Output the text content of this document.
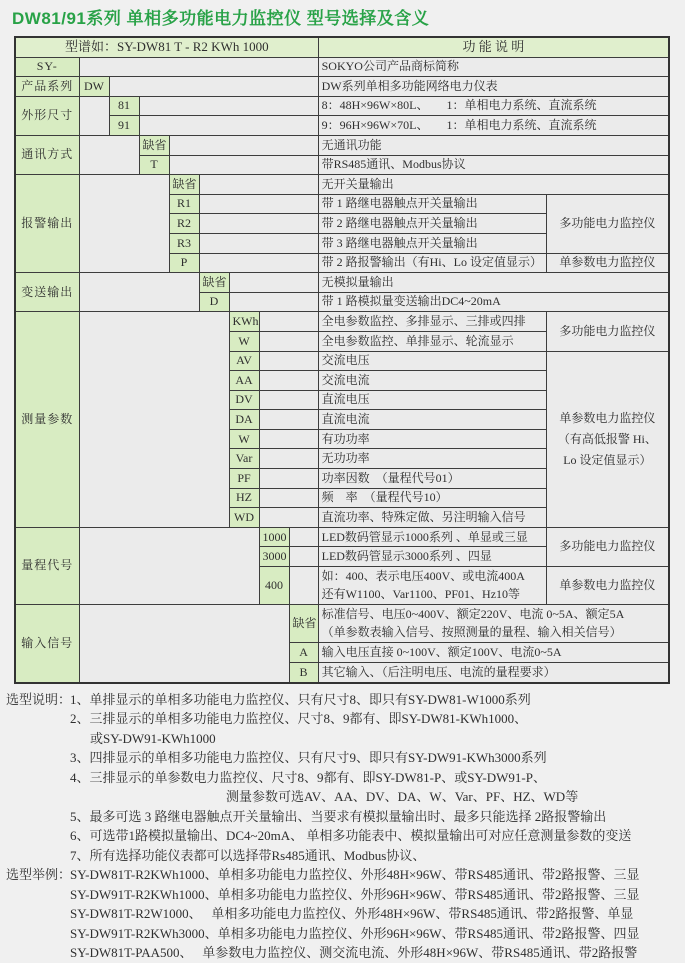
DW81/91系列 单相多功能电力监控仪 型号选择及含义
型谱如：SY-DW81 T - R2 KWh 1000									功 能 说 明	
SY-									SOKYO公司产品商标简称	
产品系列	DW								DW系列单相多功能网络电力仪表	
外形尺寸		81							8：48H×96W×80L、　　1：单相电力系统、直流系统	
		91							9：96H×96W×70L、　　1：单相电力系统、直流系统	
通讯方式			缺省						无通讯功能	
			T						带RS485通讯、Modbus协议	
报警输出				缺省					无开关量输出	
				R1					带 1 路继电器触点开关量输出	多功能电力监控仪
				R2					带 2 路继电器触点开关量输出	
				R3					带 3 路继电器触点开关量输出	
				P					带 2 路报警输出（有Hi、Lo 设定值显示）	单参数电力监控仪
变送输出					缺省				无模拟量输出	
					D				带 1 路模拟量变送输出DC4~20mA	
测量参数						KWh			全电参数监控、多排显示、三排或四排	多功能电力监控仪
						W			全电参数监控、单排显示、轮流显示	
						AV			交流电压	单参数电力监控仪
（有高低报警 Hi、
Lo 设定值显示）

						AA			交流电流	
						DV			直流电压	
						DA			直流电流	
						W			有功功率	
						Var			无功功率	
						PF			功率因数　（量程代号01）	
						HZ			频　率　（量程代号10）	
						WD			直流功率、特殊定做、另注明输入信号	
量程代号							1000		LED数码管显示1000系列 、单显或三显	多功能电力监控仪
							3000		LED数码管显示3000系列 、四显	
							400		如：400、表示电压400V、或电流400A
还有W1100、Var1100、PF01、Hz10等	单参数电力监控仪
输入信号								缺省	标准信号、电压0~400V、额定220V、电流 0~5A、额定5A
（单参数表输入信号、按照测量的量程、输入相关信号）	

								A	输入电压直接 0~100V、额定100V、电流0~5A	
								B	其它输入、（后注明电压、电流的量程要求）	
选型说明：
1、单排显示的单相多功能电力监控仪、只有尺寸8、即只有SY-DW81-W1000系列
2、三排显示的单相多功能电力监控仪、尺寸8、9都有、即SY-DW81-KWh1000、
或SY-DW91-KWh1000
3、四排显示的单相多功能电力监控仪、只有尺寸9、即只有SY-DW91-KWh3000系列
4、三排显示的单参数电力监控仪、尺寸8、9都有、即SY-DW81-P、或SY-DW91-P、
测量参数可选AV、AA、DV、DA、W、Var、PF、HZ、WD等
5、最多可选 3 路继电器触点开关量输出、当要求有模拟量输出时、最多只能选择 2路报警输出
6、可选带1路模拟量输出、DC4~20mA、 单相多功能表中、模拟量输出可对应任意测量参数的变送
7、所有选择功能仪表都可以选择带Rs485通讯、Modbus协议、
选型举例：
SY-DW81T-R2KWh1000、单相多功能电力监控仪、外形48H×96W、带RS485通讯、带2路报警、三显
SY-DW91T-R2KWh1000、单相多功能电力监控仪、外形96H×96W、带RS485通讯、带2路报警、三显
SY-DW81T-R2W1000、　 单相多功能电力监控仪、外形48H×96W、带RS485通讯、带2路报警、单显
SY-DW91T-R2KWh3000、单相多功能电力监控仪、外形96H×96W、带RS485通讯、带2路报警、四显
SY-DW81T-PAA500、　 单参数电力监控仪、测交流电流、外形48H×96W、带RS485通讯、带2路报警
